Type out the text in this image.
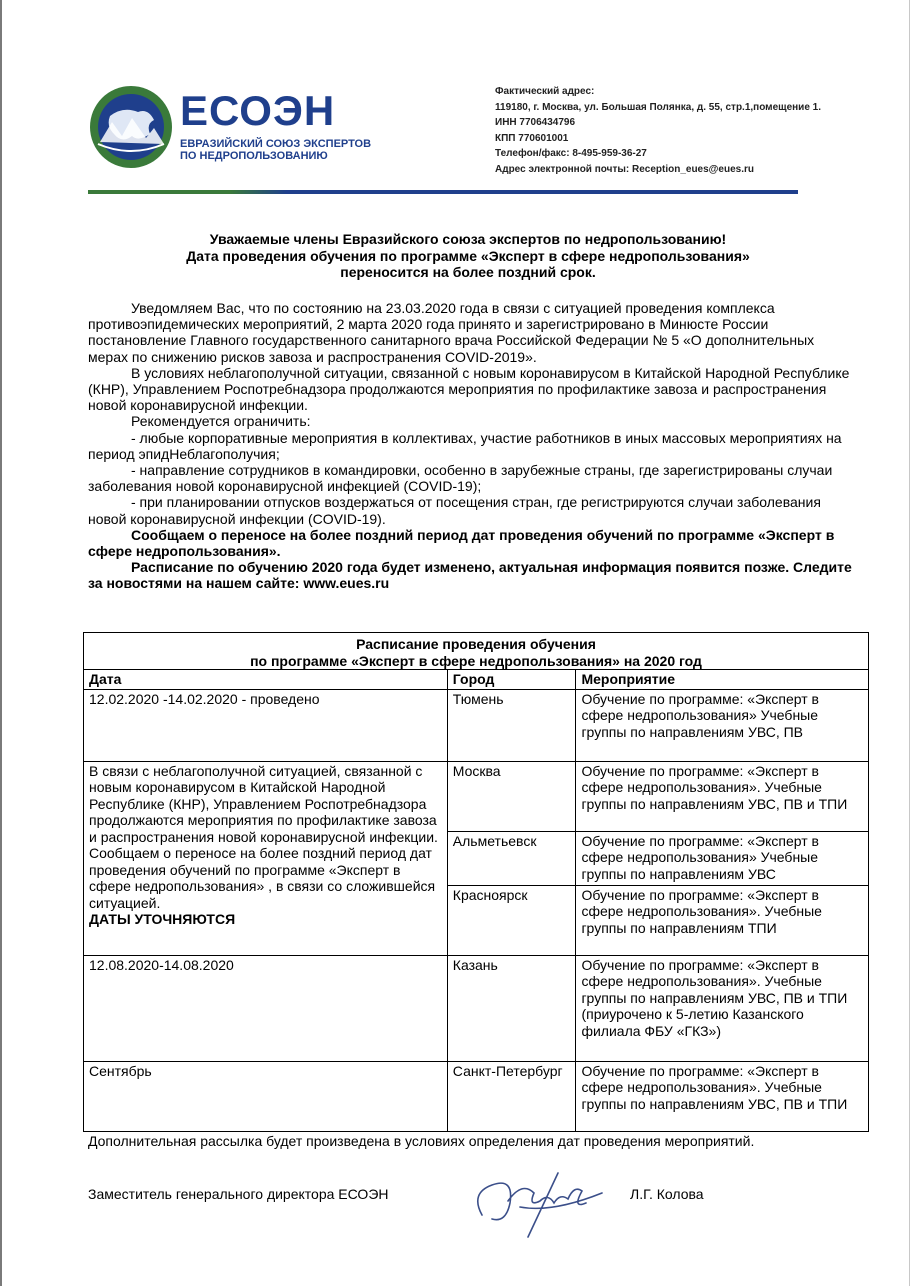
ЕСОЭН
ЕВРАЗИЙСКИЙ СОЮЗ ЭКСПЕРТОВ
ПО НЕДРОПОЛЬЗОВАНИЮ
Фактический адрес:
119180, г. Москва, ул. Большая Полянка, д. 55, стр.1,помещение 1.
ИНН 7706434796
КПП 770601001
Телефон/факс: 8-495-959-36-27
Адрес электронной почты: Reception_eues@eues.ru
Уважаемые члены Евразийского союза экспертов по недропользованию!
Дата проведения обучения по программе «Эксперт в сфере недропользования»
переносится на более поздний срок.

Уведомляем Вас, что по состоянию на 23.03.2020 года в связи с ситуацией проведения комплекса противоэпидемических мероприятий, 2 марта 2020 года принято и зарегистрировано в Минюсте России постановление Главного государственного санитарного врача Российской Федерации № 5 «О дополнительных мерах по снижению рисков завоза и распространения COVID-2019».

В условиях неблагополучной ситуации, связанной с новым коронавирусом в Китайской Народной Республике (КНР), Управлением Роспотребнадзора продолжаются мероприятия по профилактике завоза и распространения новой коронавирусной инфекции.

Рекомендуется ограничить:

- любые корпоративные мероприятия в коллективах, участие работников в иных массовых мероприятиях на период эпидНеблагополучия;

- направление сотрудников в командировки, особенно в зарубежные страны, где зарегистрированы случаи заболевания новой коронавирусной инфекцией (COVID-19);

- при планировании отпусков воздержаться от посещения стран, где регистрируются случаи заболевания новой коронавирусной инфекции (COVID-19).

Сообщаем о переносе на более поздний период дат проведения обучений по программе «Эксперт в сфере недропользования».

Расписание по обучению 2020 года будет изменено, актуальная информация появится позже. Следите за новостями на нашем сайте: www.eues.ru

Расписание проведения обучения
по программе «Эксперт в сфере недропользования» на 2020 год		

Дата	Город	Мероприятие
12.02.2020 -14.02.2020 - проведено	Тюмень	Обучение по программе: «Эксперт в сфере недропользования» Учебные группы по направлениям УВС, ПВ
В связи с неблагополучной ситуацией, связанной с новым коронавирусом в Китайской Народной Республике (КНР), Управлением Роспотребнадзора продолжаются мероприятия по профилактике завоза и распространения новой коронавирусной инфекции. Сообщаем о переносе на более поздний период дат проведения обучений по программе «Эксперт в сфере недропользования» , в связи со сложившейся ситуацией.
ДАТЫ УТОЧНЯЮТСЯ	Москва	Обучение по программе: «Эксперт в сфере недропользования». Учебные группы по направлениям УВС, ПВ и ТПИ
	Альметьевск	Обучение по программе: «Эксперт в сфере недропользования» Учебные группы по направлениям УВС
	Красноярск	Обучение по программе: «Эксперт в сфере недропользования». Учебные группы по направлениям ТПИ
12.08.2020-14.08.2020	Казань	Обучение по программе: «Эксперт в сфере недропользования». Учебные группы по направлениям УВС, ПВ и ТПИ (приурочено к 5-летию Казанского филиала ФБУ «ГКЗ»)
Сентябрь	Санкт-Петербург	Обучение по программе: «Эксперт в сфере недропользования». Учебные группы по направлениям УВС, ПВ и ТПИ
Дополнительная рассылка будет произведена в условиях определения дат проведения мероприятий.
Заместитель генерального директора ЕСОЭН	Л.Г. Колова
